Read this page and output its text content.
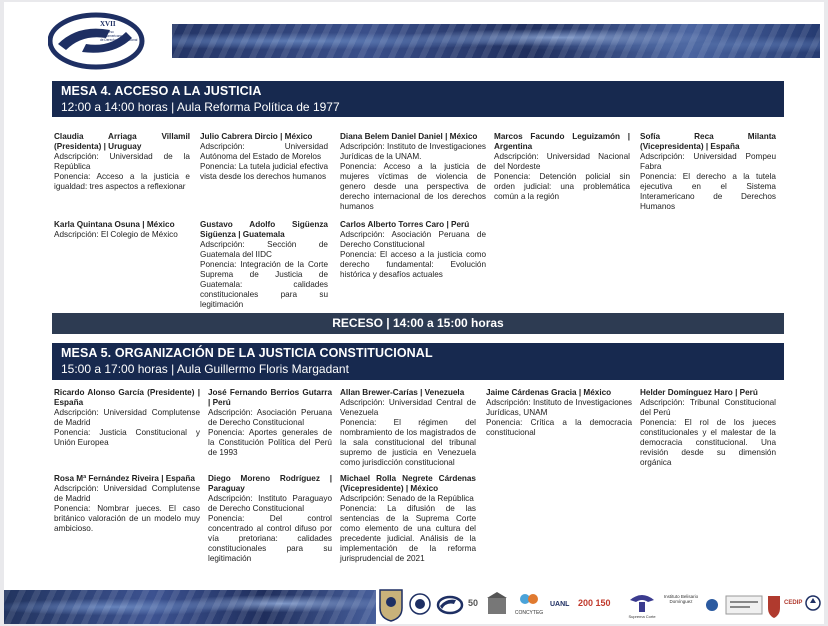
XVII
Congreso
Iberoamericano
de Derecho Constitucional
MESA 4. ACCESO A LA JUSTICIA
12:00 a 14:00 horas | Aula Reforma Política de 1977

Claudia Arriaga Villamil (Presidenta) | Uruguay

Adscripción: Universidad de la República

Ponencia: Acceso a la justicia e igualdad: tres aspectos a reflexionar

Julio Cabrera Dircio | México

Adscripción: Universidad Autónoma del Estado de Morelos

Ponencia: La tutela judicial efectiva vista desde los derechos humanos

Diana Belem Daniel Daniel | México

Adscripción: Instituto de Investigaciones Jurídicas de la UNAM.

Ponencia: Acceso a la justicia de mujeres víctimas de violencia de genero desde una perspectiva de derecho internacional de los derechos humanos

Marcos Facundo Leguizamón | Argentina

Adscripción: Universidad Nacional del Nordeste

Ponencia: Detención policial sin orden judicial: una problemática común a la región

Sofía Reca Milanta (Vicepresidenta) | España

Adscripción: Universidad Pompeu Fabra

Ponencia: El derecho a la tutela ejecutiva en el Sistema Interamericano de Derechos Humanos

Karla Quintana Osuna | México

Adscripción: El Colegio de México

Gustavo Adolfo Sigüenza Sigüenza | Guatemala

Adscripción: Sección de Guatemala del IIDC

Ponencia: Integración de la Corte Suprema de Justicia de Guatemala: calidades constitucionales para su legitimación

Carlos Alberto Torres Caro | Perú

Adscripción: Asociación Peruana de Derecho Constitucional

Ponencia: El acceso a la justicia como derecho fundamental: Evolución histórica y desafíos actuales

RECESO | 14:00 a 15:00 horas
MESA 5. ORGANIZACIÓN DE LA JUSTICIA CONSTITUCIONAL
15:00 a 17:00 horas | Aula Guillermo Floris Margadant

Ricardo Alonso García (Presidente) | España

Adscripción: Universidad Complutense de Madrid

Ponencia: Justicia Constitucional y Unión Europea

José Fernando Berrios Gutarra | Perú

Adscripción: Asociación Peruana de Derecho Constitucional

Ponencia: Aportes generales de la Constitución Política del Perú de 1993

Allan Brewer-Carías | Venezuela

Adscripción: Universidad Central de Venezuela

Ponencia: El régimen del nombramiento de los magistrados de la sala constitucional del tribunal supremo de justicia en Venezuela como jurisdicción constitucional

Jaime Cárdenas Gracia | México

Adscripción: Instituto de Investigaciones Jurídicas, UNAM

Ponencia: Crítica a la democracia constitucional

Helder Domínguez Haro | Perú

Adscripción: Tribunal Constitucional del Perú

Ponencia: El rol de los jueces constitucionales y el malestar de la democracia constitucional. Una revisión desde su dimensión orgánica

Rosa Mª Fernández Riveira | España

Adscripción: Universidad Complutense de Madrid

Ponencia: Nombrar jueces. El caso británico valoración de un modelo muy ambicioso.

Diego Moreno Rodríguez | Paraguay

Adscripción: Instituto Paraguayo de Derecho Constitucional

Ponencia: Del control concentrado al control difuso por vía pretoriana: calidades constitucionales para su legitimación

Michael Rolla Negrete Cárdenas (Vicepresidente) | México

Adscripción: Senado de la República

Ponencia: La difusión de las sentencias de la Suprema Corte como elemento de una cultura del precedente judicial. Análisis de la implementación de la reforma jurisprudencial de 2021

50
CONCYTEG
UANL 200 150
Suprema Corte
Instituto Belisario Domínguez	CEDIP
